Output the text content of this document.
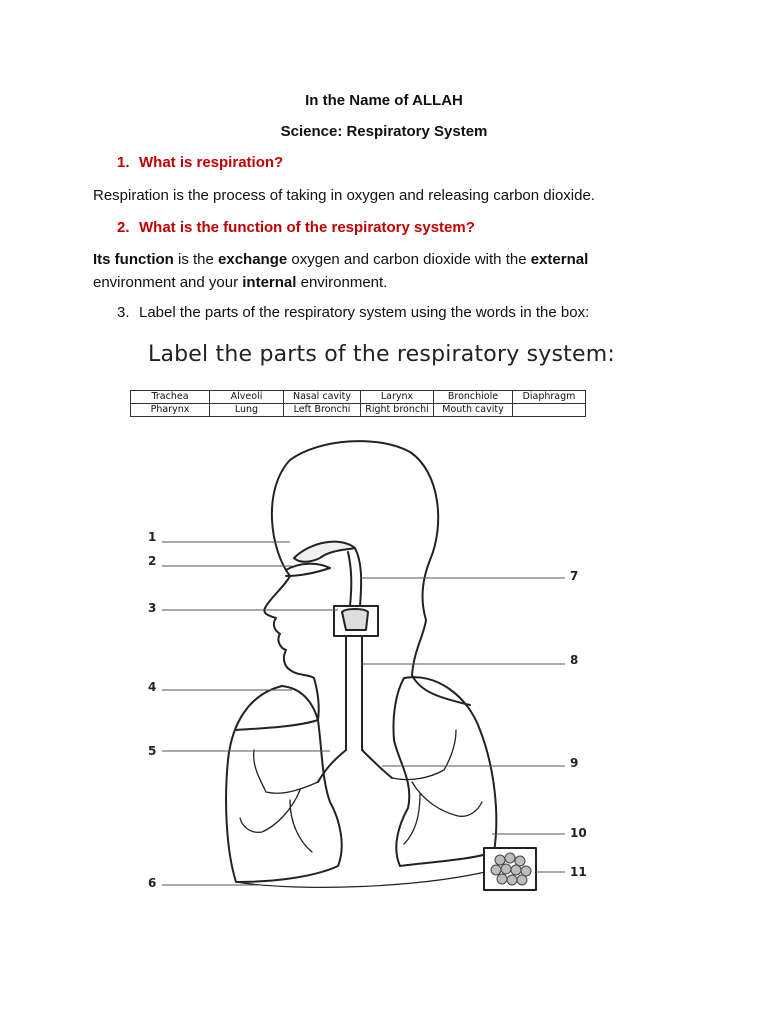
In the Name of ALLAH
Science: Respiratory System
1. What is respiration?
Respiration is the process of taking in oxygen and releasing carbon dioxide.
2. What is the function of the respiratory system?
Its function is the exchange oxygen and carbon dioxide with the external environment and your internal environment.
3. Label the parts of the respiratory system using the words in the box:
Label the parts of the respiratory system:
Trachea	Alveoli	Nasal cavity	Larynx	Bronchiole	Diaphragm
Pharynx	Lung	Left Bronchi	Right bronchi	Mouth cavity	
1
2
3
4
5
6
7
8
9
10
11
